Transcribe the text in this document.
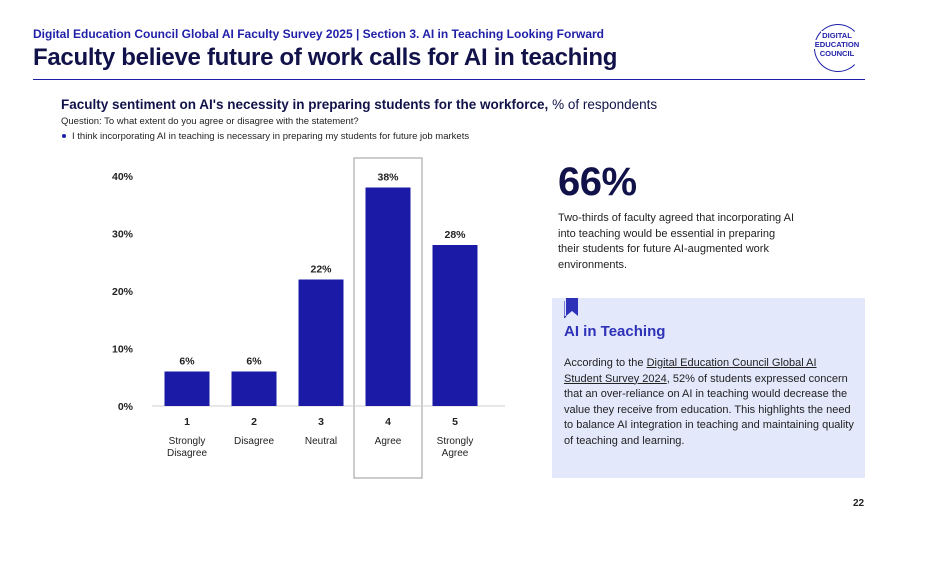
Digital Education Council Global AI Faculty Survey 2025 | Section 3. AI in Teaching Looking Forward
Faculty believe future of work calls for AI in teaching
DIGITAL
EDUCATION
COUNCIL
Faculty sentiment on AI's necessity in preparing students for the workforce, % of respondents
Question: To what extent do you agree or disagree with the statement?
I think incorporating AI in teaching is necessary in preparing my students for future job markets
0%
10%
20%
30%
40%
6%
1
Strongly
Disagree
6%
2
Disagree
22%
3
Neutral
38%
4
Agree
28%
5
Strongly
Agree
66%
Two-thirds of faculty agreed that incorporating AI into teaching would be essential in preparing their students for future AI-augmented work environments.
AI in Teaching
According to the Digital Education Council Global AI Student Survey 2024, 52% of students expressed concern that an over-reliance on AI in teaching would decrease the value they receive from education. This highlights the need to balance AI integration in teaching and maintaining quality of teaching and learning.
22
